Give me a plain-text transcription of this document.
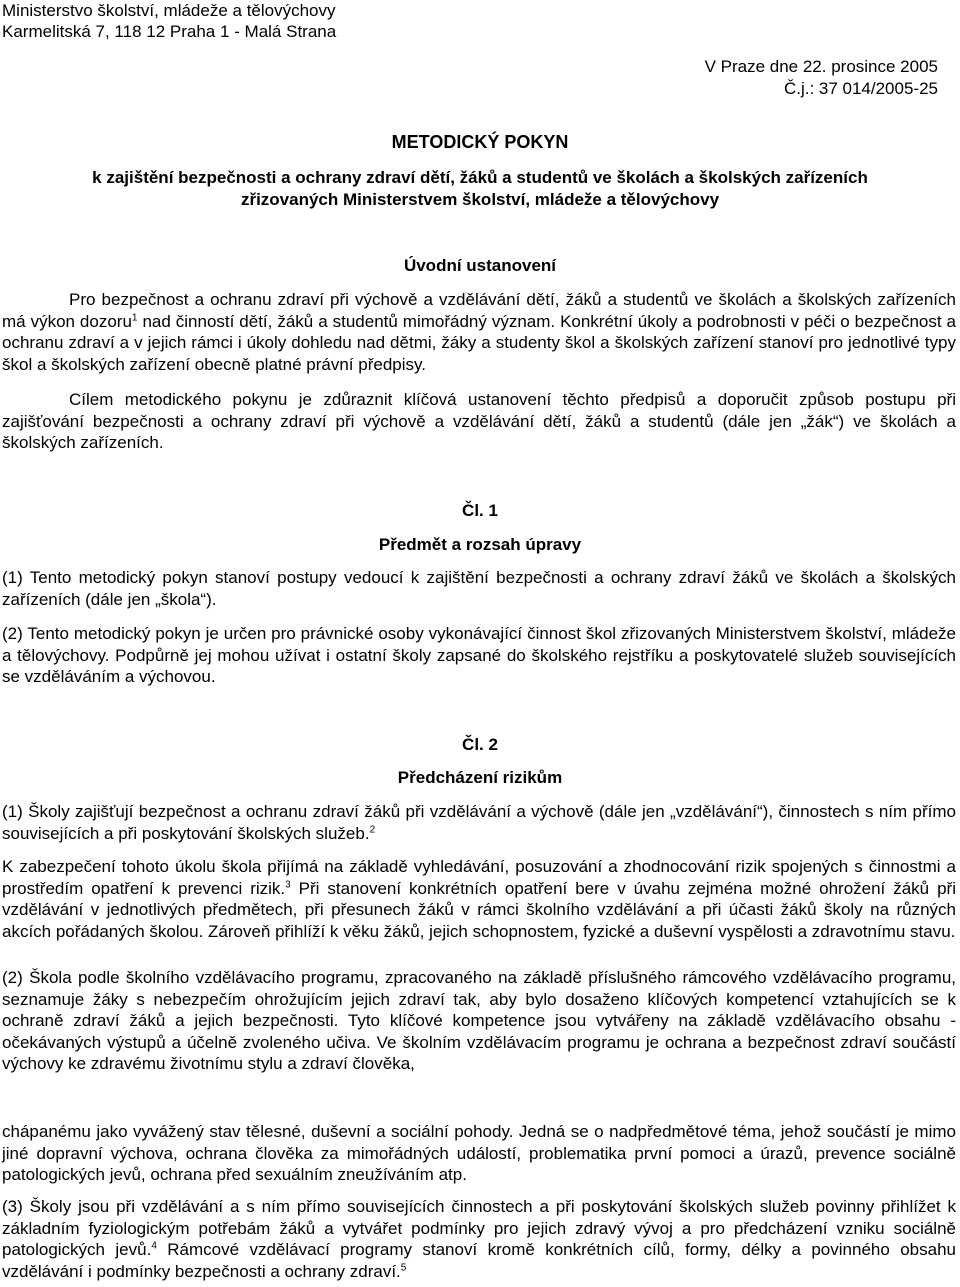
Ministerstvo školství, mládeže a tělovýchovy
Karmelitská 7, 118 12 Praha 1 - Malá Strana
V Praze dne 22. prosince 2005
Č.j.: 37 014/2005-25
METODICKÝ POKYN
k zajištění bezpečnosti a ochrany zdraví dětí, žáků a studentů ve školách a školských zařízeních
zřizovaných Ministerstvem školství, mládeže a tělovýchovy
Úvodní ustanovení
Pro bezpečnost a ochranu zdraví při výchově a vzdělávání dětí, žáků a studentů ve školách a školských zařízeních má výkon dozoru$^1$ nad činností dětí, žáků a studentů mimořádný význam. Konkrétní úkoly a podrobnosti v péči o bezpečnost a ochranu zdraví a v jejich rámci i úkoly dohledu nad dětmi, žáky a studenty škol a školských zařízení stanoví pro jednotlivé typy škol a školských zařízení obecně platné právní předpisy.
Cílem metodického pokynu je zdůraznit klíčová ustanovení těchto předpisů a doporučit způsob postupu při zajišťování bezpečnosti a ochrany zdraví při výchově a vzdělávání dětí, žáků a studentů (dále jen „žák“) ve školách a školských zařízeních.
Čl. 1
Předmět a rozsah úpravy
(1) Tento metodický pokyn stanoví postupy vedoucí k zajištění bezpečnosti a ochrany zdraví žáků ve školách a školských zařízeních (dále jen „škola“).
(2) Tento metodický pokyn je určen pro právnické osoby vykonávající činnost škol zřizovaných Ministerstvem školství, mládeže a tělovýchovy. Podpůrně jej mohou užívat i ostatní školy zapsané do školského rejstříku a poskytovatelé služeb souvisejících se vzděláváním a výchovou.
Čl. 2
Předcházení rizikům
(1) Školy zajišťují bezpečnost a ochranu zdraví žáků při vzdělávání a výchově (dále jen „vzdělávání“), činnostech s ním přímo souvisejících a při poskytování školských služeb.$^2$
K zabezpečení tohoto úkolu škola přijímá na základě vyhledávání, posuzování a zhodnocování rizik spojených s činnostmi a prostředím opatření k prevenci rizik.$^3$ Při stanovení konkrétních opatření bere v úvahu zejména možné ohrožení žáků při vzdělávání v jednotlivých předmětech, při přesunech žáků v rámci školního vzdělávání a při účasti žáků školy na různých akcích pořádaných školou. Zároveň přihlíží k věku žáků, jejich schopnostem, fyzické a duševní vyspělosti a zdravotnímu stavu.
(2) Škola podle školního vzdělávacího programu, zpracovaného na základě příslušného rámcového vzdělávacího programu, seznamuje žáky s nebezpečím ohrožujícím jejich zdraví tak, aby bylo dosaženo klíčových kompetencí vztahujících se k ochraně zdraví žáků a jejich bezpečnosti. Tyto klíčové kompetence jsou vytvářeny na základě vzdělávacího obsahu - očekávaných výstupů a účelně zvoleného učiva. Ve školním vzdělávacím programu je ochrana a bezpečnost zdraví součástí výchovy ke zdravému životnímu stylu a zdraví člověka,
chápanému jako vyvážený stav tělesné, duševní a sociální pohody. Jedná se o nadpředmětové téma, jehož součástí je mimo jiné dopravní výchova, ochrana člověka za mimořádných událostí, problematika první pomoci a úrazů, prevence sociálně patologických jevů, ochrana před sexuálním zneužíváním atp.
(3) Školy jsou při vzdělávání a s ním přímo souvisejících činnostech a při poskytování školských služeb povinny přihlížet k základním fyziologickým potřebám žáků a vytvářet podmínky pro jejich zdravý vývoj a pro předcházení vzniku sociálně patologických jevů.$^4$ Rámcové vzdělávací programy stanoví kromě konkrétních cílů, formy, délky a povinného obsahu vzdělávání i podmínky bezpečnosti a ochrany zdraví.$^5$
